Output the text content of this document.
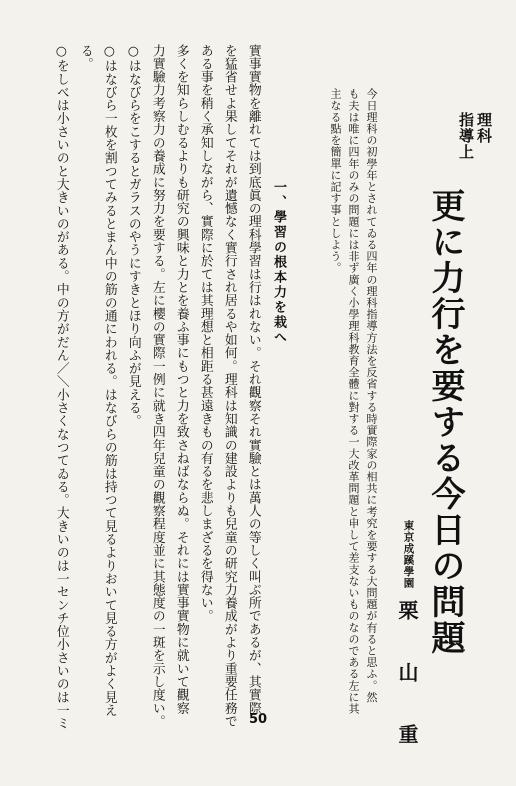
理科
指導上
更に力行を要する今日の問題
東京成蹊學園
栗山重
今日理科の初學年とされてゐる四年の理科指導方法を反省する時實際家の相共に考究を要する大問題が有ると思ふ。然
も夫は唯に四年のみの問題には非ず廣く小學理科教育全體に對する一大改革問題と申して差支ないものなのである左に其
主なる點を簡單に記す事としよう。
一、學習の根本力を栽へ
實事實物を離れては到底眞の理科學習は行はれない。それ觀察それ實驗とは萬人の等しく叫ぶ所であるが、其實際
を猛省せよ果してそれが遺憾なく實行され居るや如何。理科は知識の建設よりも兒童の研究力養成がより重要任務で
ある事を稍く承知しながら、實際に於ては其理想と相距る甚遠きもの有るを悲しまざるを得ない。
多くを知らしむるよりも研究の興味と力とを養ふ事にもつと力を致さねばならぬ。それには實事實物に就いて觀察
力實驗力考察力の養成に努力を要する。左に櫻の實際一例に就き四年兒童の觀察程度並に其態度の一斑を示し度い。
○はなびらをこするとガラスのやうにすきとほり向ふが見える。
○はなびら一枚を割つてみるとまん中の筋の通にわれる。はなびらの筋は持つて見るよりおいて見る方がよく見え
る。
○をしべは小さいのと大きいのがある。中の方がだん／＼小さくなつてゐる。大きいのは一センチ位小さいのは一ミ	50
